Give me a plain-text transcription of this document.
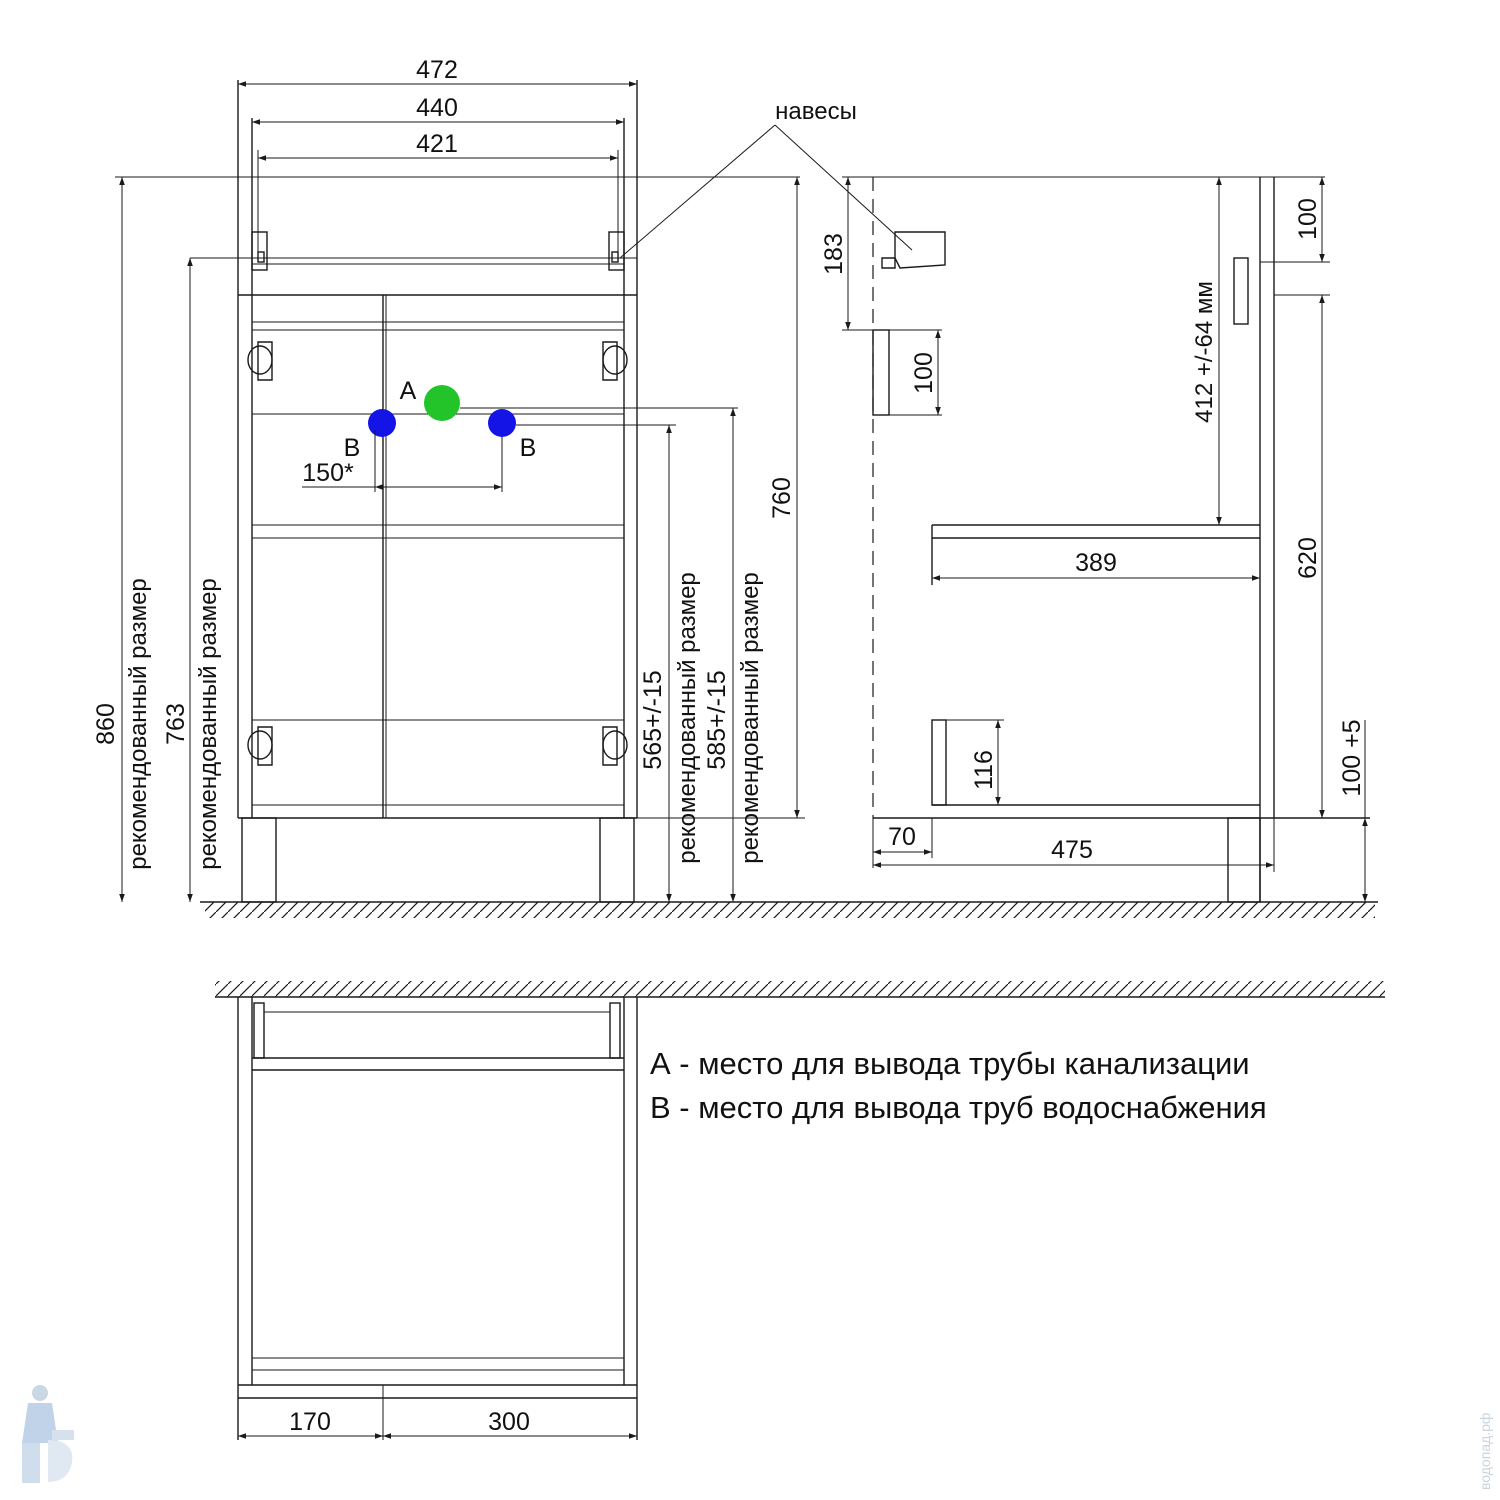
472
440
421
навесы
А
В	В
150*
860 рекомендованный размер 763 рекомендованный размер	565+/-15 рекомендованный размер 585+/-15 рекомендованный размер
760
183
100
100
412 +/-64 мм
389	620
116	100 +5
70	475
170	300
А - место для вывода трубы канализации
В - место для вывода труб водоснабжения
водопад.рф
